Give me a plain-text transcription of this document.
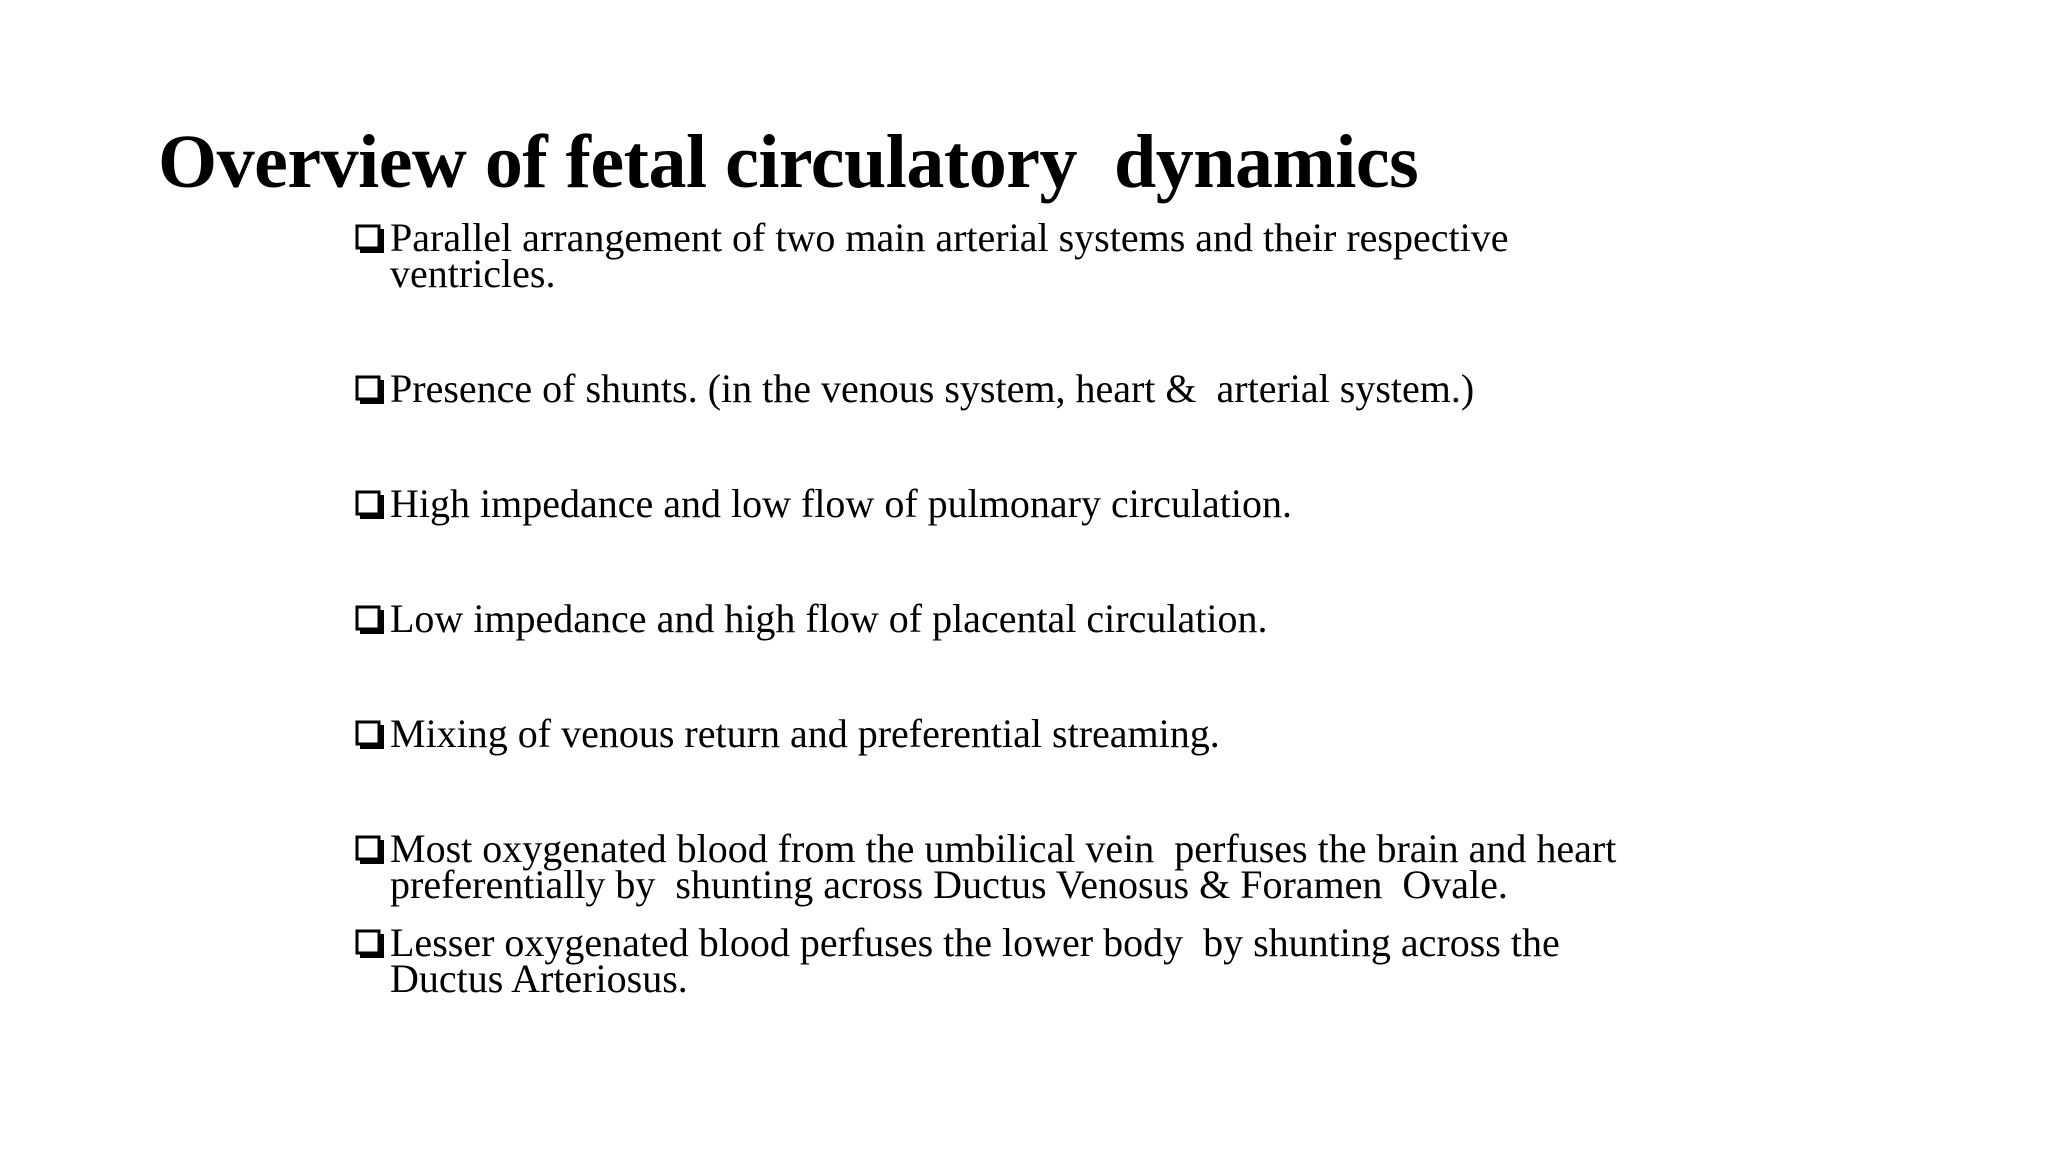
Overview of fetal circulatory  dynamics
Parallel arrangement of two main arterial systems and their respective
ventricles.
Presence of shunts. (in the venous system, heart &  arterial system.)
High impedance and low flow of pulmonary circulation.
Low impedance and high flow of placental circulation.
Mixing of venous return and preferential streaming.
Most oxygenated blood from the umbilical vein  perfuses the brain and heart
preferentially by  shunting across Ductus Venosus & Foramen  Ovale.
Lesser oxygenated blood perfuses the lower body  by shunting across the
Ductus Arteriosus.
